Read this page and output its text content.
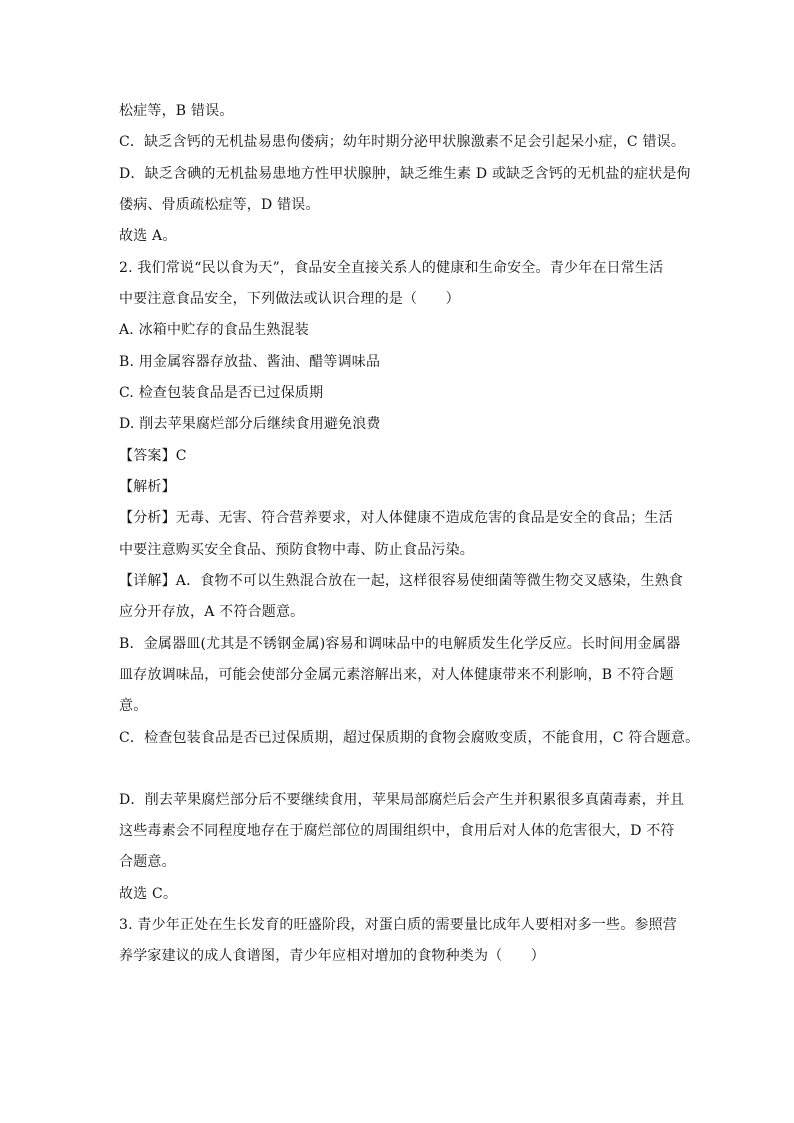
松症等，B 错误。
C．缺乏含钙的无机盐易患佝偻病；幼年时期分泌甲状腺激素不足会引起呆小症，C 错误。
D．缺乏含碘的无机盐易患地方性甲状腺肿，缺乏维生素 D 或缺乏含钙的无机盐的症状是佝
偻病、骨质疏松症等，D 错误。
故选 A。
2. 我们常说“民以食为天”，食品安全直接关系人的健康和生命安全。青少年在日常生活
中要注意食品安全，下列做法或认识合理的是（　　）
A. 冰箱中贮存的食品生熟混装
B. 用金属容器存放盐、酱油、醋等调味品
C. 检查包装食品是否已过保质期
D. 削去苹果腐烂部分后继续食用避免浪费
【答案】C
【解析】
【分析】无毒、无害、符合营养要求，对人体健康不造成危害的食品是安全的食品；生活
中要注意购买安全食品、预防食物中毒、防止食品污染。
【详解】A．食物不可以生熟混合放在一起，这样很容易使细菌等微生物交叉感染，生熟食
应分开存放，A 不符合题意。
B．金属器皿(尤其是不锈钢金属)容易和调味品中的电解质发生化学反应。长时间用金属器
皿存放调味品，可能会使部分金属元素溶解出来，对人体健康带来不利影响，B 不符合题
意。
C．检查包装食品是否已过保质期，超过保质期的食物会腐败变质，不能食用，C 符合题意。
D．削去苹果腐烂部分后不要继续食用，苹果局部腐烂后会产生并积累很多真菌毒素，并且
这些毒素会不同程度地存在于腐烂部位的周围组织中，食用后对人体的危害很大，D 不符
合题意。
故选 C。
3. 青少年正处在生长发育的旺盛阶段，对蛋白质的需要量比成年人要相对多一些。参照营
养学家建议的成人食谱图，青少年应相对增加的食物种类为（　　）
